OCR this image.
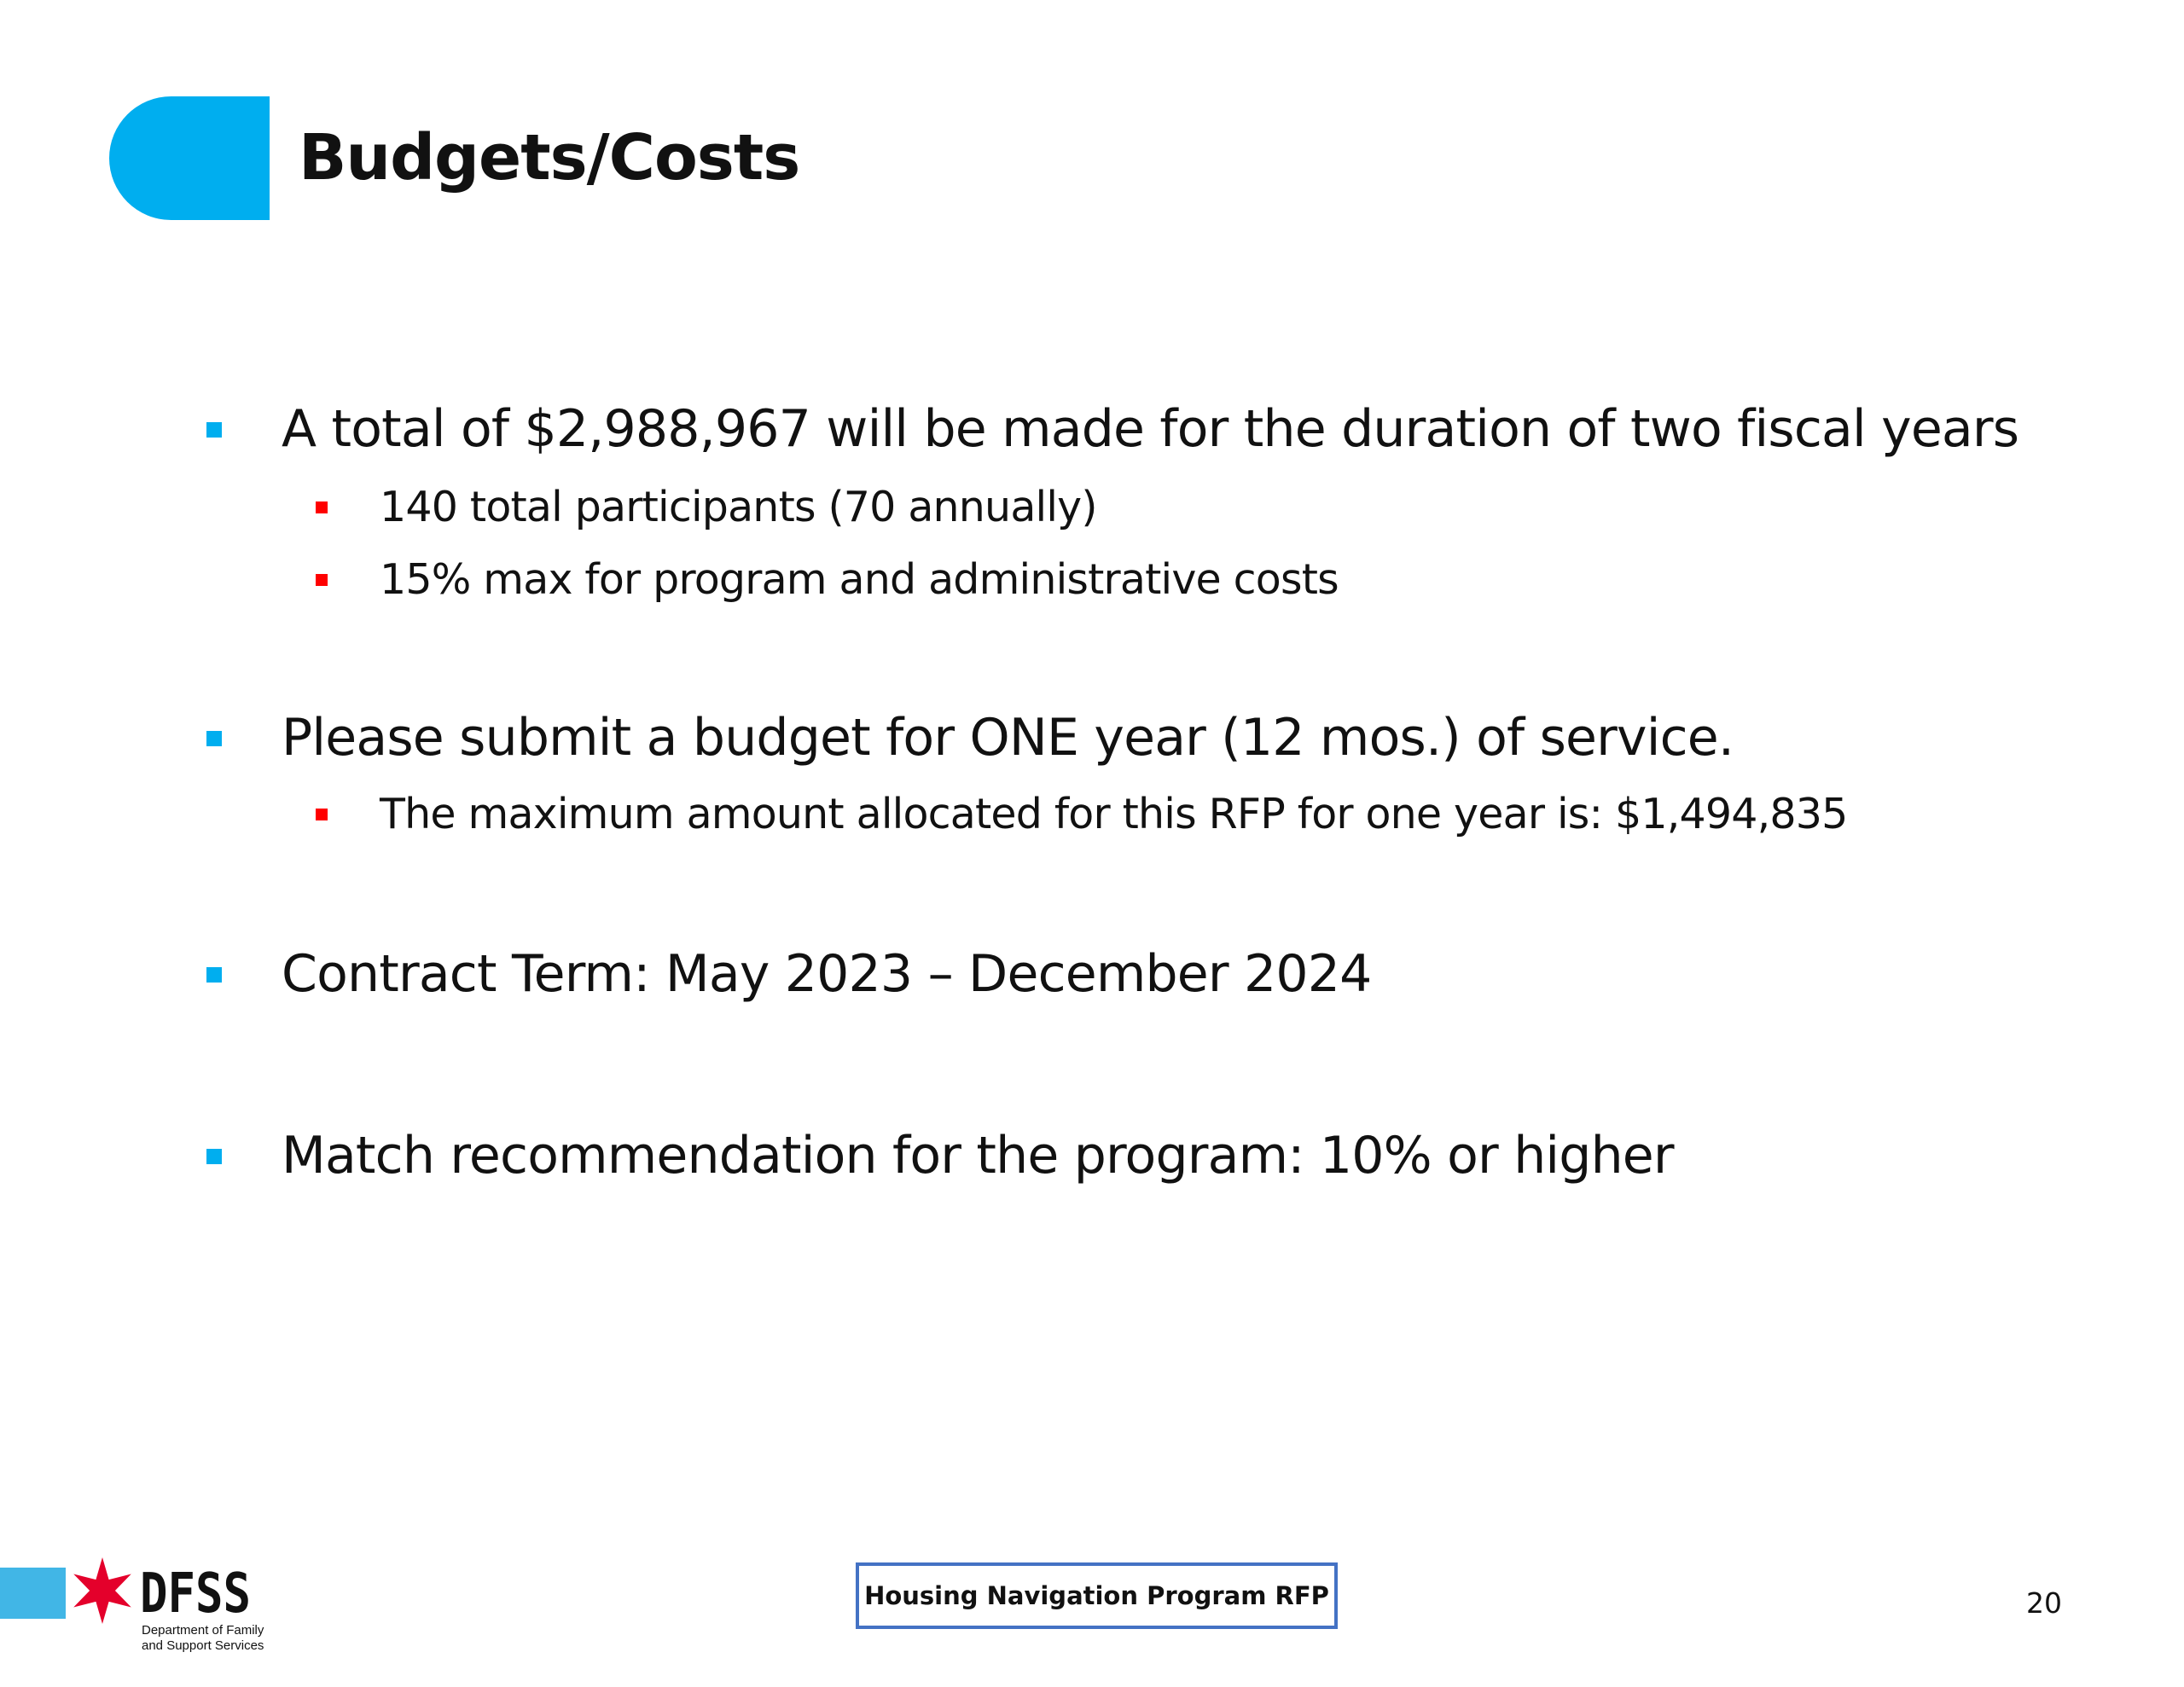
Budgets/Costs
A total of $2,988,967 will be made for the duration of two fiscal years
140 total participants (70 annually)
15% max for program and administrative costs
Please submit a budget for ONE year (12 mos.) of service.
The maximum amount allocated for this RFP for one year is: $1,494,835
Contract Term: May 2023 – December 2024
Match recommendation for the program: 10% or higher
DFSS
Department of Family
and Support Services
Housing Navigation Program RFP	20
